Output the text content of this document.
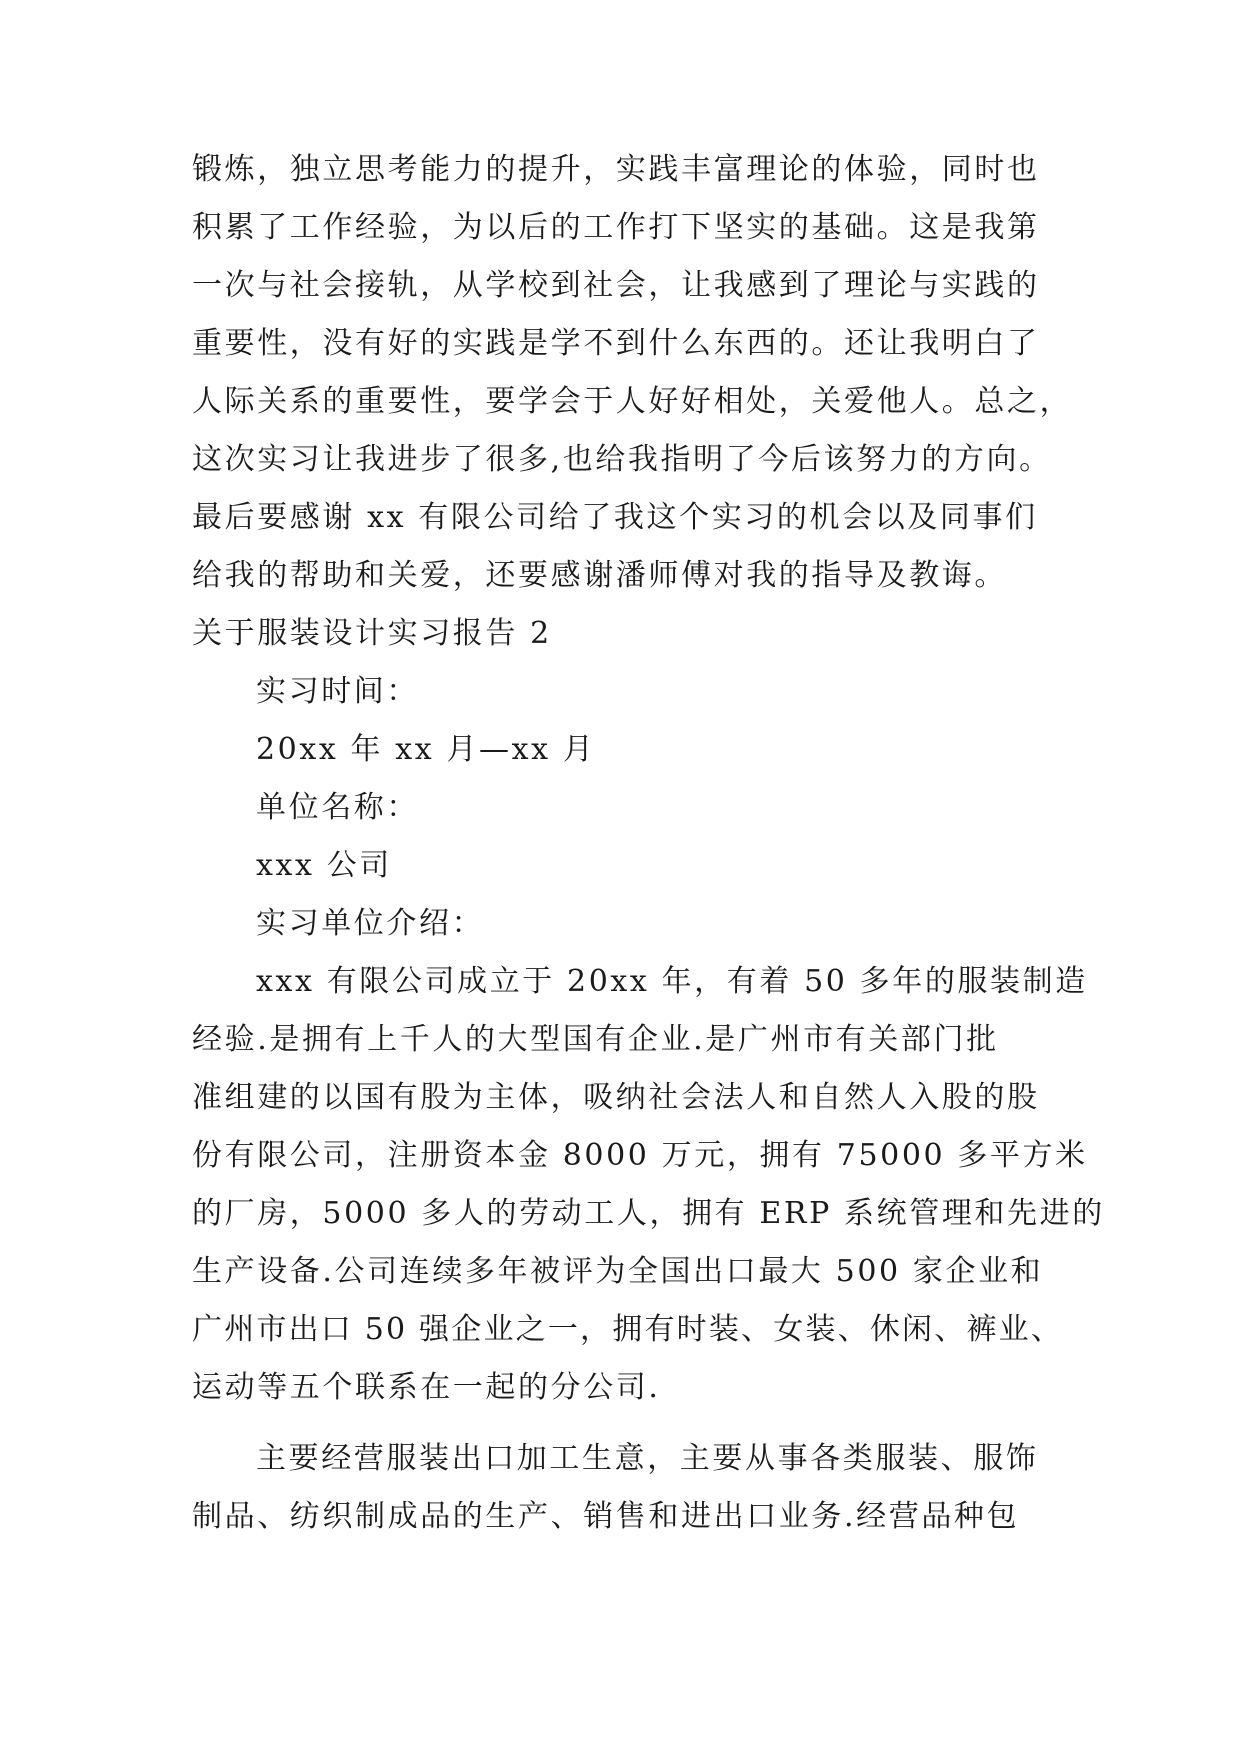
锻炼，独立思考能力的提升，实践丰富理论的体验，同时也
积累了工作经验，为以后的工作打下坚实的基础。这是我第
一次与社会接轨，从学校到社会，让我感到了理论与实践的
重要性，没有好的实践是学不到什么东西的。还让我明白了
人际关系的重要性，要学会于人好好相处，关爱他人。总之，
这次实习让我进步了很多,也给我指明了今后该努力的方向。
最后要感谢 xx 有限公司给了我这个实习的机会以及同事们
给我的帮助和关爱，还要感谢潘师傅对我的指导及教诲。
关于服装设计实习报告 2
实习时间：
20xx 年 xx 月—xx 月
单位名称：
xxx 公司
实习单位介绍：
xxx 有限公司成立于 20xx 年，有着 50 多年的服装制造
经验.是拥有上千人的大型国有企业.是广州市有关部门批
准组建的以国有股为主体，吸纳社会法人和自然人入股的股
份有限公司，注册资本金 8000 万元，拥有 75000 多平方米
的厂房，5000 多人的劳动工人，拥有 ERP 系统管理和先进的
生产设备.公司连续多年被评为全国出口最大 500 家企业和
广州市出口 50 强企业之一，拥有时装、女装、休闲、裤业、
运动等五个联系在一起的分公司.
主要经营服装出口加工生意，主要从事各类服装、服饰
制品、纺织制成品的生产、销售和进出口业务.经营品种包
